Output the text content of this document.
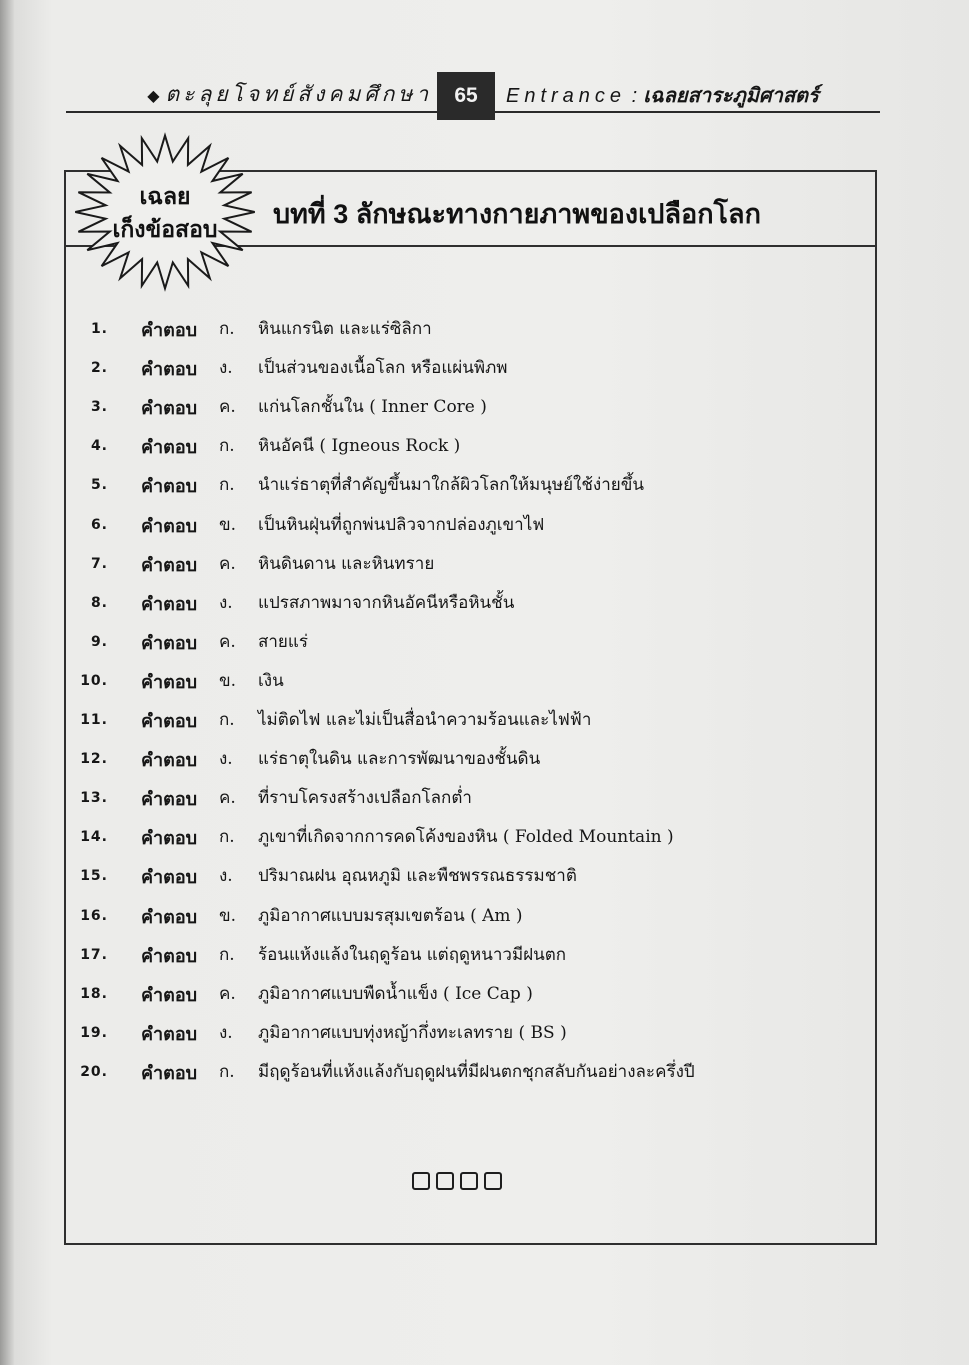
◆ ตะลุยโจทย์สังคมศึกษา	65	Entrance : เฉลยสาระภูมิศาสตร์
บทที่ 3 ลักษณะทางกายภาพของเปลือกโลก
เฉลย
เก็งข้อสอบ
1. คำตอบ ก. หินแกรนิต และแร่ซิลิกา
2. คำตอบ ง. เป็นส่วนของเนื้อโลก หรือแผ่นพิภพ
3. คำตอบ ค. แก่นโลกชั้นใน ( Inner Core )
4. คำตอบ ก. หินอัคนี ( Igneous Rock )
5. คำตอบ ก. นำแร่ธาตุที่สำคัญขึ้นมาใกล้ผิวโลกให้มนุษย์ใช้ง่ายขึ้น
6. คำตอบ ข. เป็นหินฝุ่นที่ถูกพ่นปลิวจากปล่องภูเขาไฟ
7. คำตอบ ค. หินดินดาน และหินทราย
8. คำตอบ ง. แปรสภาพมาจากหินอัคนีหรือหินชั้น
9. คำตอบ ค. สายแร่
10. คำตอบ ข. เงิน
11. คำตอบ ก. ไม่ติดไฟ และไม่เป็นสื่อนำความร้อนและไฟฟ้า
12. คำตอบ ง. แร่ธาตุในดิน และการพัฒนาของชั้นดิน
13. คำตอบ ค. ที่ราบโครงสร้างเปลือกโลกต่ำ
14. คำตอบ ก. ภูเขาที่เกิดจากการคดโค้งของหิน ( Folded Mountain )
15. คำตอบ ง. ปริมาณฝน อุณหภูมิ และพืชพรรณธรรมชาติ
16. คำตอบ ข. ภูมิอากาศแบบมรสุมเขตร้อน ( Am )
17. คำตอบ ก. ร้อนแห้งแล้งในฤดูร้อน แต่ฤดูหนาวมีฝนตก
18. คำตอบ ค. ภูมิอากาศแบบพืดน้ำแข็ง ( Ice Cap )
19. คำตอบ ง. ภูมิอากาศแบบทุ่งหญ้ากึ่งทะเลทราย ( BS )
20. คำตอบ ก. มีฤดูร้อนที่แห้งแล้งกับฤดูฝนที่มีฝนตกชุกสลับกันอย่างละครึ่งปี
